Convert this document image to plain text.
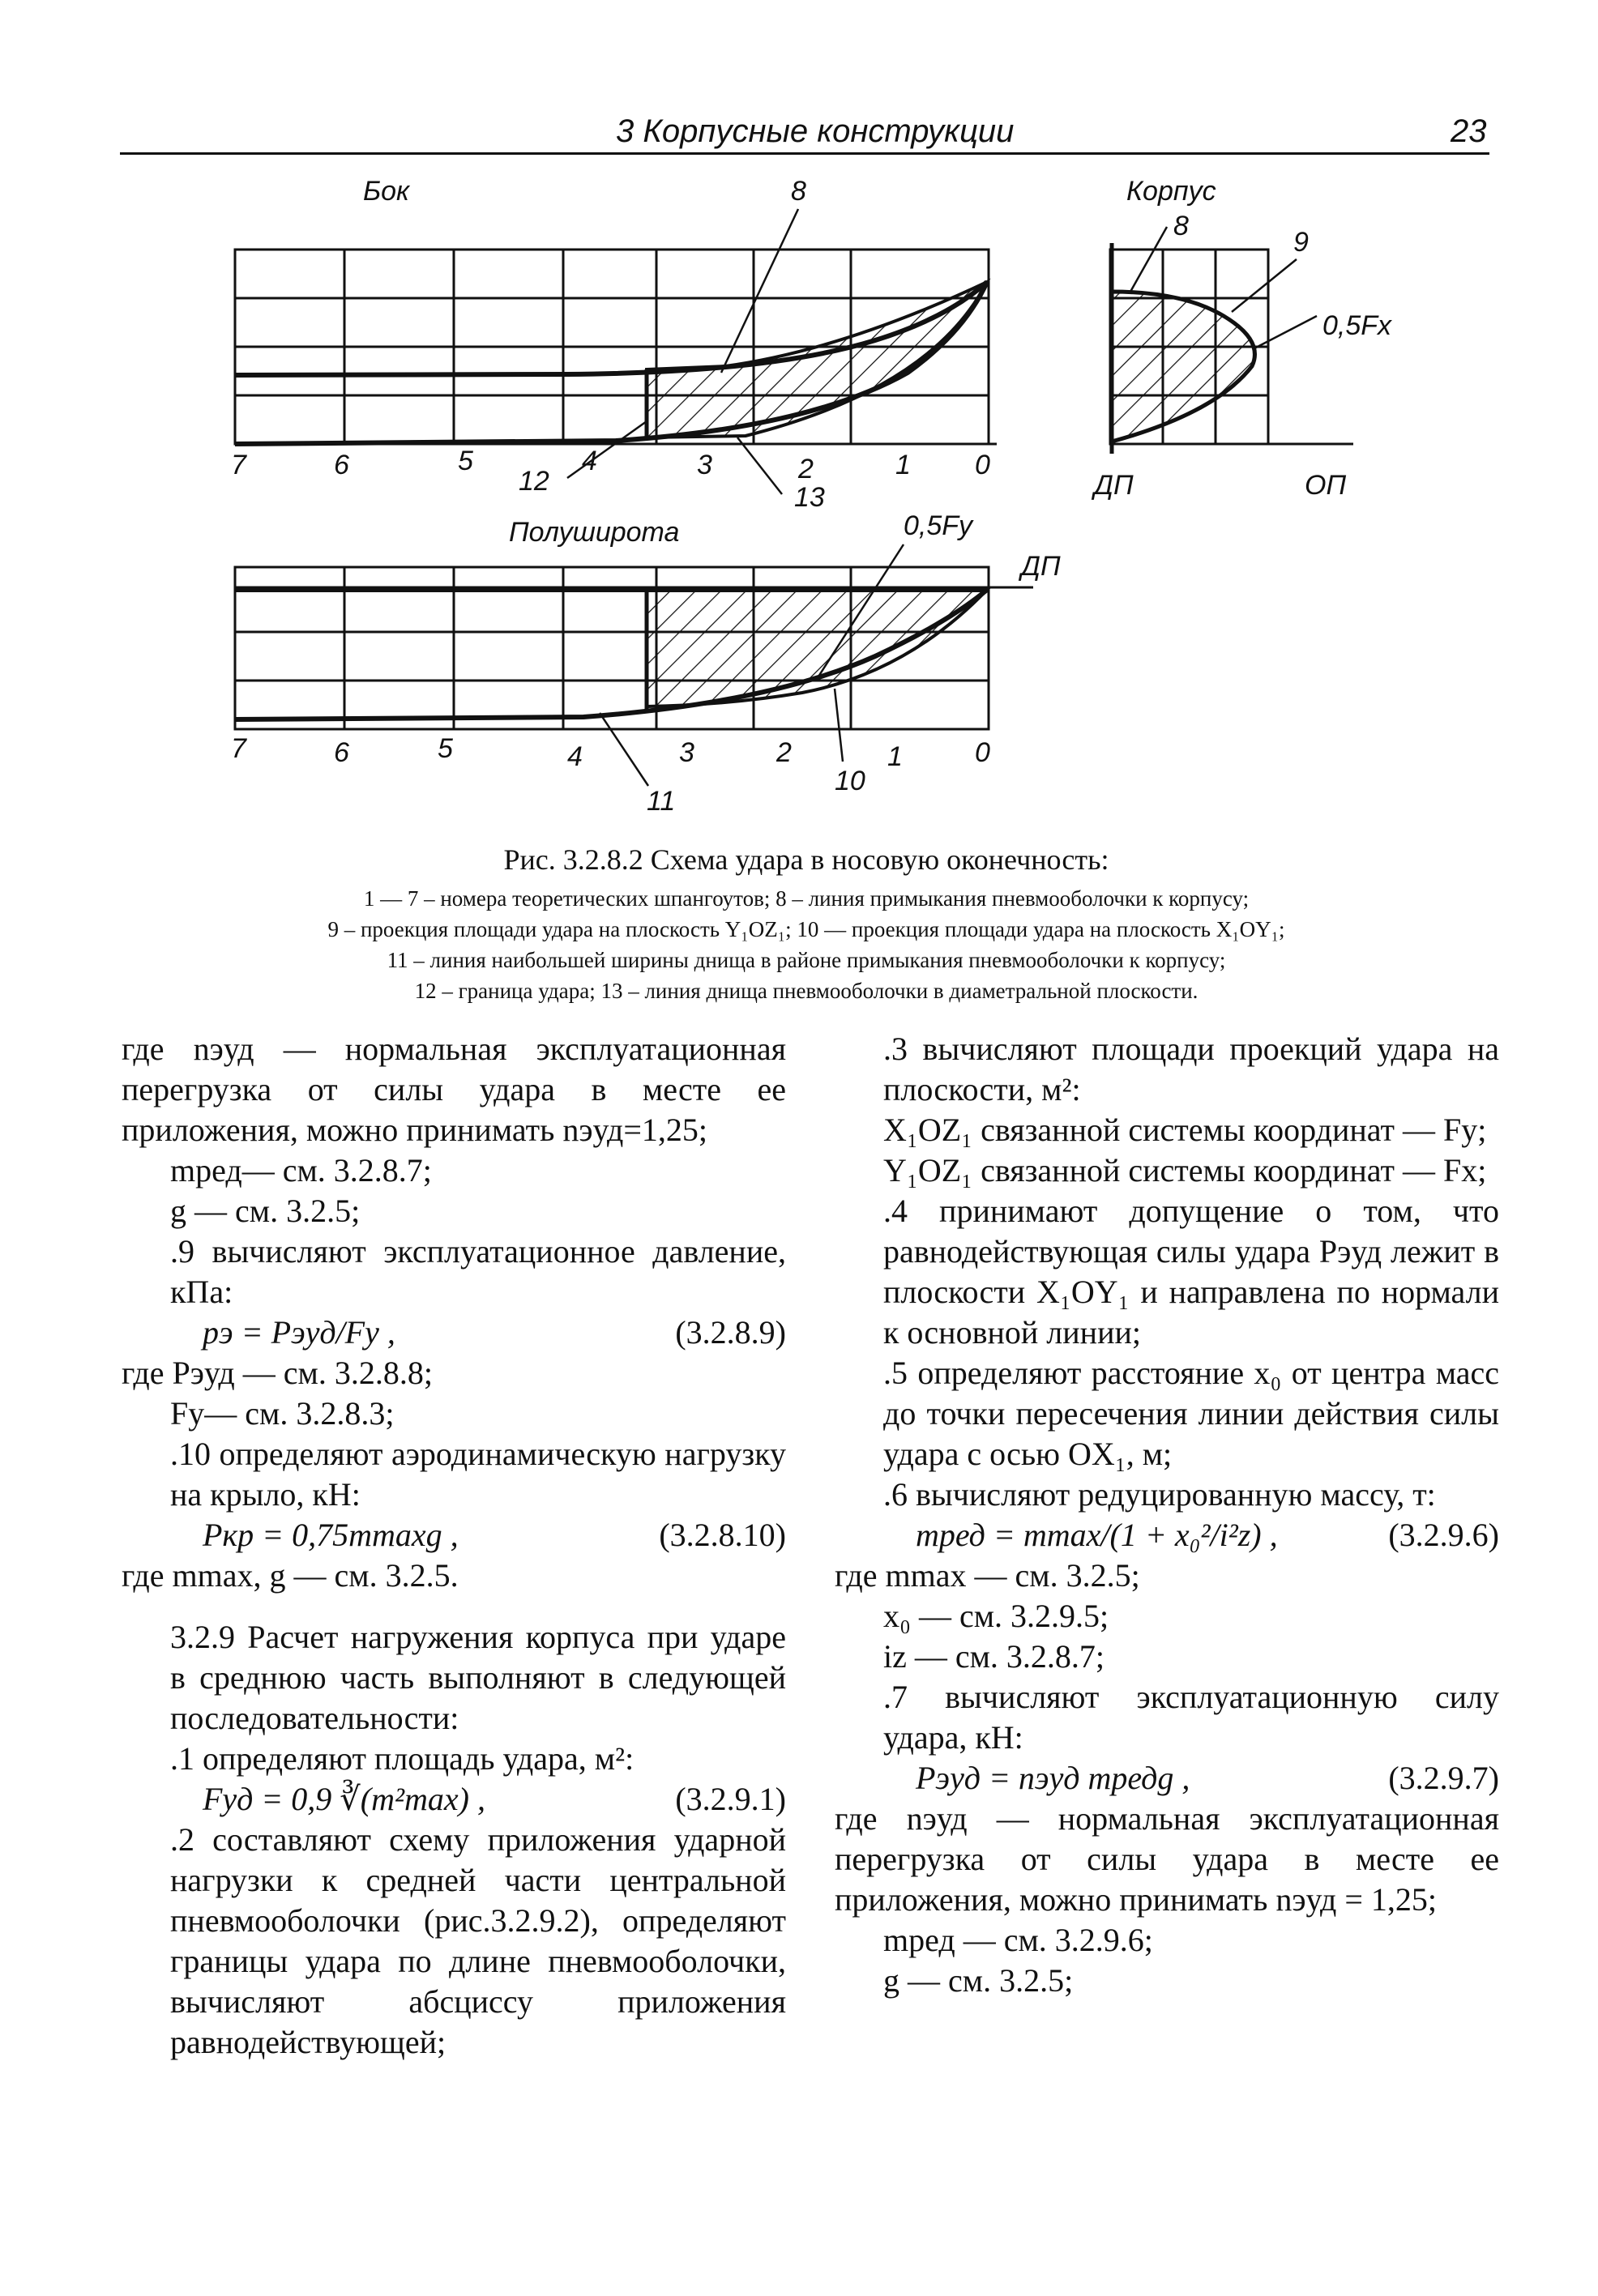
3 Корпусные конструкции	23
Бок	8
12
13
7	6	5	4	3	2	1 0
Корпус
8
9
0,5Fx
ДП	ОП
Полуширота	0,5Fy
ДП
7	6	5	4	3	2	1	0
11
10
Рис. 3.2.8.2 Схема удара в носовую оконечность:
1 — 7 – номера теоретических шпангоутов; 8 – линия примыкания пневмооболочки к корпусу;
9 – проекция площади удара на плоскость Y₁OZ₁; 10 — проекция площади удара на плоскость X₁OY₁;
11 – линия наибольшей ширины днища в районе примыкания пневмооболочки к корпусу;
12 – граница удара; 13 – линия днища пневмооболочки в диаметральной плоскости.

где nэуд — нормальная эксплуатационная перегрузка от силы удара в месте ее приложения, можно принимать nэуд=1,25;

mред— см. 3.2.8.7;

g — см. 3.2.5;

.9 вычисляют эксплуатационное давление, кПа:

pэ = Pэуд/Fy ,	(3.2.8.9)

где Pэуд — см. 3.2.8.8;

Fy— см. 3.2.8.3;

.10 определяют аэродинамическую нагрузку на крыло, кН:

Pкр = 0,75mmaxg ,	(3.2.8.10)

где mmax, g — см. 3.2.5.

3.2.9 Расчет нагружения корпуса при ударе в среднюю часть выполняют в следующей последовательности:

.1 определяют площадь удара, м²:

Fуд = 0,9 ∛(m²max) ,	(3.2.9.1)

.2 составляют схему приложения ударной нагрузки к средней части центральной пневмооболочки (рис.3.2.9.2), определяют границы удара по длине пневмооболочки, вычисляют абсциссу приложения равнодействующей;

.3 вычисляют площади проекций удара на плоскости, м²:

X₁OZ₁ связанной системы координат — Fy;

Y₁OZ₁ связанной системы координат — Fx;

.4 принимают допущение о том, что равнодействующая силы удара Pэуд лежит в плоскости X₁OY₁ и направлена по нормали к основной линии;

.5 определяют расстояние x₀ от центра масс до точки пересечения линии действия силы удара с осью OX₁, м;

.6 вычисляют редуцированную массу, т:

mред = mmax/(1 + x₀²/i²z) ,	(3.2.9.6)

где mmax — см. 3.2.5;

x₀ — см. 3.2.9.5;

iz — см. 3.2.8.7;

.7 вычисляют эксплуатационную силу удара, кН:

Pэуд = nэуд mредg ,	(3.2.9.7)

где nэуд — нормальная эксплуатационная перегрузка от силы удара в месте ее приложения, можно принимать nэуд = 1,25;

mред — см. 3.2.9.6;

g — см. 3.2.5;
